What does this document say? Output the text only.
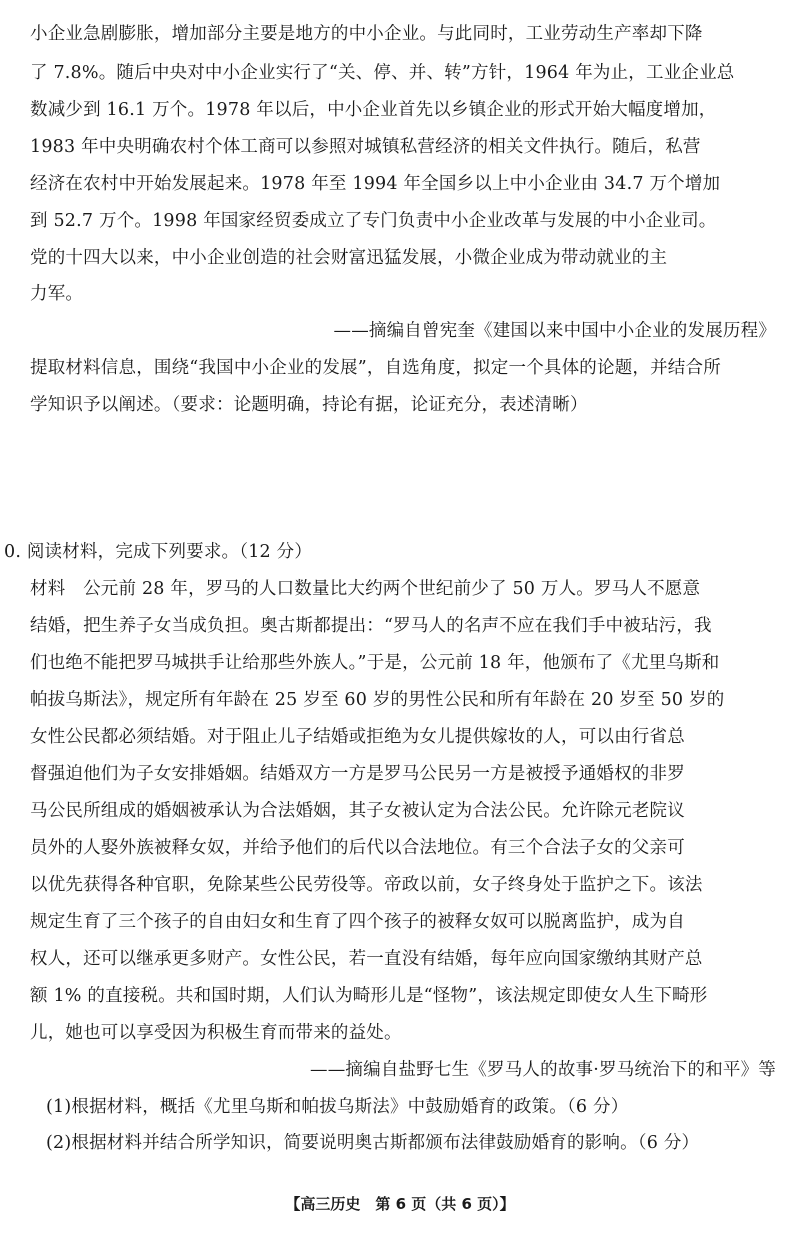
小企业急剧膨胀，增加部分主要是地方的中小企业。与此同时，工业劳动生产率却下降
了 7.8%。随后中央对中小企业实行了“关、停、并、转”方针，1964 年为止，工业企业总
数减少到 16.1 万个。1978 年以后，中小企业首先以乡镇企业的形式开始大幅度增加，
1983 年中央明确农村个体工商可以参照对城镇私营经济的相关文件执行。随后，私营
经济在农村中开始发展起来。1978 年至 1994 年全国乡以上中小企业由 34.7 万个增加
到 52.7 万个。1998 年国家经贸委成立了专门负责中小企业改革与发展的中小企业司。
党的十四大以来，中小企业创造的社会财富迅猛发展，小微企业成为带动就业的主
力军。
——摘编自曾宪奎《建国以来中国中小企业的发展历程》
提取材料信息，围绕“我国中小企业的发展”，自选角度，拟定一个具体的论题，并结合所
学知识予以阐述。（要求：论题明确，持论有据，论证充分，表述清晰）
0. 阅读材料，完成下列要求。（12 分）
材料　公元前 28 年，罗马的人口数量比大约两个世纪前少了 50 万人。罗马人不愿意
结婚，把生养子女当成负担。奥古斯都提出：“罗马人的名声不应在我们手中被玷污，我
们也绝不能把罗马城拱手让给那些外族人。”于是，公元前 18 年，他颁布了《尤里乌斯和
帕拔乌斯法》，规定所有年龄在 25 岁至 60 岁的男性公民和所有年龄在 20 岁至 50 岁的
女性公民都必须结婚。对于阻止儿子结婚或拒绝为女儿提供嫁妆的人，可以由行省总
督强迫他们为子女安排婚姻。结婚双方一方是罗马公民另一方是被授予通婚权的非罗
马公民所组成的婚姻被承认为合法婚姻，其子女被认定为合法公民。允许除元老院议
员外的人娶外族被释女奴，并给予他们的后代以合法地位。有三个合法子女的父亲可
以优先获得各种官职，免除某些公民劳役等。帝政以前，女子终身处于监护之下。该法
规定生育了三个孩子的自由妇女和生育了四个孩子的被释女奴可以脱离监护，成为自
权人，还可以继承更多财产。女性公民，若一直没有结婚，每年应向国家缴纳其财产总
额 1% 的直接税。共和国时期，人们认为畸形儿是“怪物”，该法规定即使女人生下畸形
儿，她也可以享受因为积极生育而带来的益处。
——摘编自盐野七生《罗马人的故事·罗马统治下的和平》等
(1)根据材料，概括《尤里乌斯和帕拔乌斯法》中鼓励婚育的政策。（6 分）
(2)根据材料并结合所学知识，简要说明奥古斯都颁布法律鼓励婚育的影响。（6 分）
【高三历史　第 6 页（共 6 页）】
